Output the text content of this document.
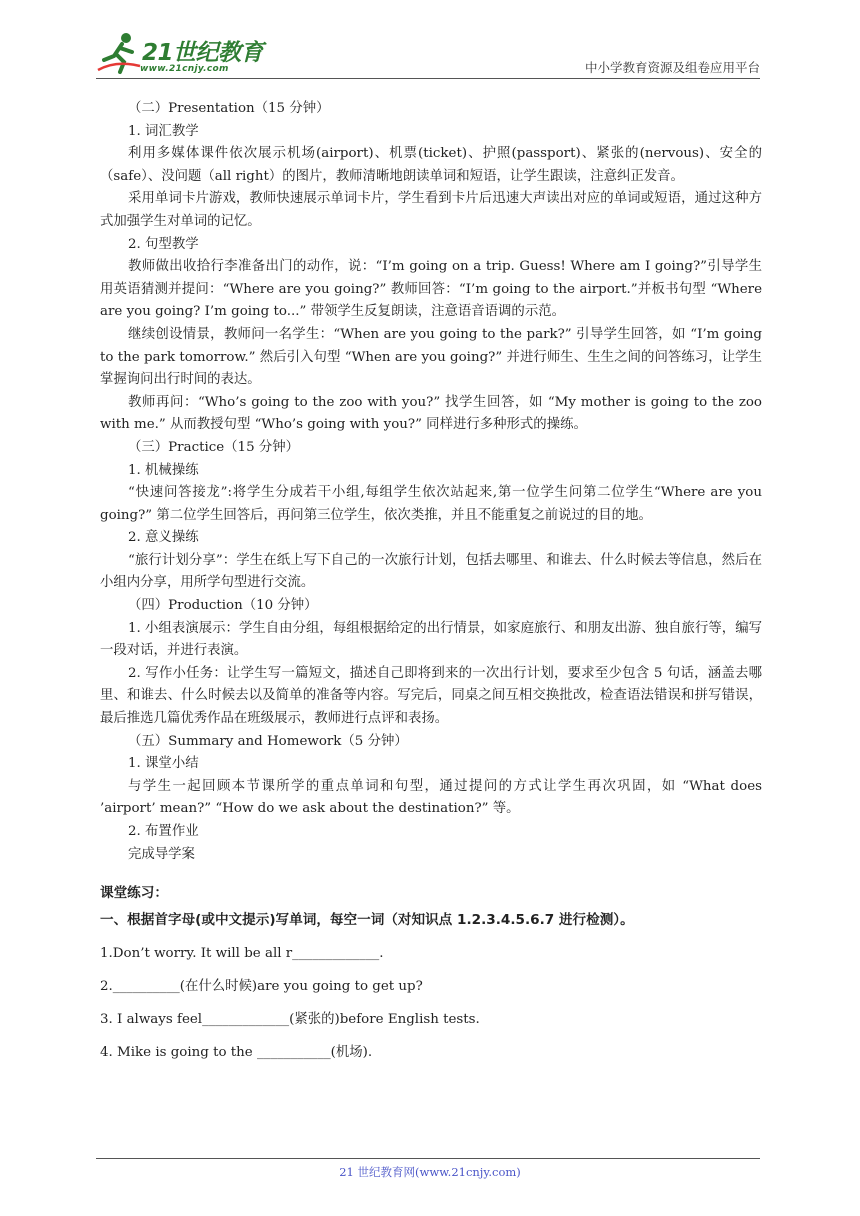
21世纪教育
www.21cnjy.com	中小学教育资源及组卷应用平台

（二）Presentation（15 分钟）

1. 词汇教学

利用多媒体课件依次展示机场(airport)、机票(ticket)、护照(passport)、紧张的(nervous)、安全的（safe）、没问题（all right）的图片，教师清晰地朗读单词和短语，让学生跟读，注意纠正发音。

采用单词卡片游戏，教师快速展示单词卡片，学生看到卡片后迅速大声读出对应的单词或短语，通过这种方式加强学生对单词的记忆。

2. 句型教学

教师做出收拾行李准备出门的动作，说：“I’m going on a trip. Guess! Where am I going?”引导学生用英语猜测并提问：“Where are you going?” 教师回答：“I’m going to the airport.”并板书句型 “Where are you going? I’m going to...” 带领学生反复朗读，注意语音语调的示范。

继续创设情景，教师问一名学生：“When are you going to the park?” 引导学生回答，如 “I’m going to the park tomorrow.” 然后引入句型 “When are you going?” 并进行师生、生生之间的问答练习，让学生掌握询问出行时间的表达。

教师再问：“Who’s going to the zoo with you?” 找学生回答，如 “My mother is going to the zoo with me.” 从而教授句型 “Who’s going with you?” 同样进行多种形式的操练。

（三）Practice（15 分钟）

1. 机械操练

“快速问答接龙”:将学生分成若干小组,每组学生依次站起来,第一位学生问第二位学生“Where are you going?” 第二位学生回答后，再问第三位学生，依次类推，并且不能重复之前说过的目的地。

2. 意义操练

“旅行计划分享”：学生在纸上写下自己的一次旅行计划，包括去哪里、和谁去、什么时候去等信息，然后在小组内分享，用所学句型进行交流。

（四）Production（10 分钟）

1. 小组表演展示：学生自由分组，每组根据给定的出行情景，如家庭旅行、和朋友出游、独自旅行等，编写一段对话，并进行表演。

2. 写作小任务：让学生写一篇短文，描述自己即将到来的一次出行计划，要求至少包含 5 句话，涵盖去哪里、和谁去、什么时候去以及简单的准备等内容。写完后，同桌之间互相交换批改，检查语法错误和拼写错误，最后推选几篇优秀作品在班级展示，教师进行点评和表扬。

（五）Summary and Homework（5 分钟）

1. 课堂小结

与学生一起回顾本节课所学的重点单词和句型，通过提问的方式让学生再次巩固，如 “What does ’airport’ mean?” “How do we ask about the destination?” 等。

2. 布置作业

完成导学案

课堂练习：

一、根据首字母(或中文提示)写单词，每空一词（对知识点 1.2.3.4.5.6.7 进行检测）。

1.Don’t worry. It will be all r_____________.

2.__________(在什么时候)are you going to get up?

3. I always feel_____________(紧张的)before English tests.

4. Mike is going to the ___________(机场).

21 世纪教育网(www.21cnjy.com)
